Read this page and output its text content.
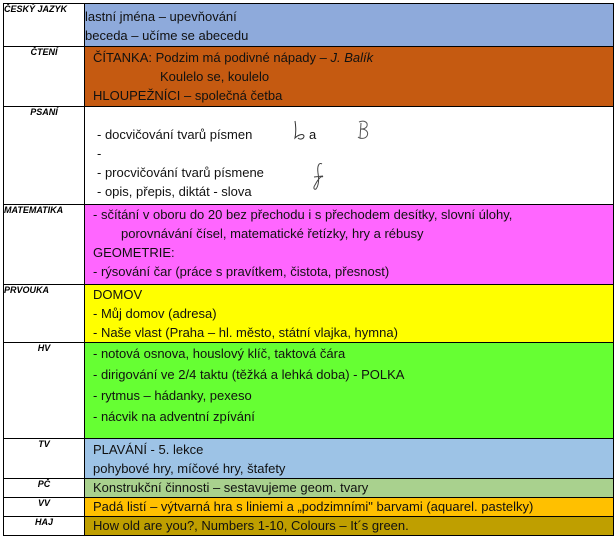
ČESKÝ JAZYK	lastní jména – upevňování
beceda – učíme se abecedu

ČTENÍ	ČÍTANKA: Podzim má podivné nápady – J. Balík
Koulelo se, koulelo
HLOUPEŽNÍCI – společná četba

PSANÍ	- docvičování tvarů písmen
-
- procvičování tvarů písmene
- opis, přepis, diktát - slova
a

MATEMATIKA	- sčítání v oboru do 20 bez přechodu i s přechodem desítky, slovní úlohy,
porovnávání čísel, matematické řetízky, hry a rébusy
GEOMETRIE:
- rýsování čar (práce s pravítkem, čistota, přesnost)

PRVOUKA	DOMOV
- Můj domov (adresa)
- Naše vlast (Praha – hl. město, státní vlajka, hymna)

HV	- notová osnova, houslový klíč, taktová čára
- dirigování ve 2/4 taktu (těžká a lehká doba) - POLKA
- rytmus – hádanky, pexeso
- nácvik na adventní zpívání

TV	PLAVÁNÍ - 5. lekce
pohybové hry, míčové hry, štafety

PČ	Konstrukční činnosti – sestavujeme geom. tvary

VV	Padá listí – výtvarná hra s liniemi a „podzimními" barvami (aquarel. pastelky)

HAJ	How old are you?, Numbers 1-10, Colours – It´s green.
